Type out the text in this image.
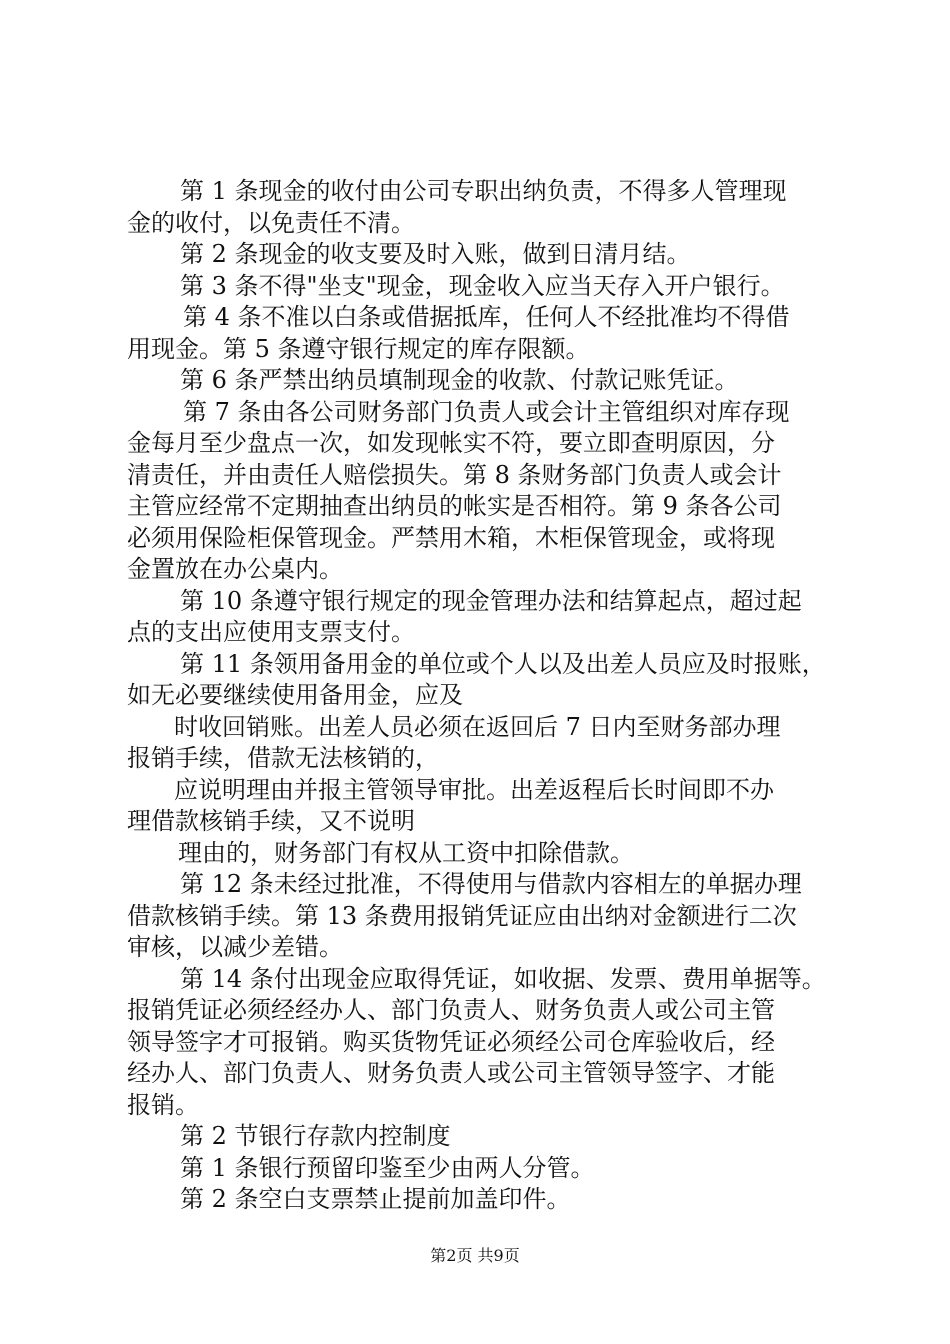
第 1 条现金的收付由公司专职出纳负责，不得多人管理现
金的收付，以免责任不清。
第 2 条现金的收支要及时入账，做到日清月结。
第 3 条不得"坐支"现金，现金收入应当天存入开户银行。
第 4 条不准以白条或借据抵库，任何人不经批准均不得借
用现金。第 5 条遵守银行规定的库存限额。
第 6 条严禁出纳员填制现金的收款、付款记账凭证。
第 7 条由各公司财务部门负责人或会计主管组织对库存现
金每月至少盘点一次，如发现帐实不符，要立即查明原因，分
清责任，并由责任人赔偿损失。第 8 条财务部门负责人或会计
主管应经常不定期抽查出纳员的帐实是否相符。第 9 条各公司
必须用保险柜保管现金。严禁用木箱，木柜保管现金，或将现
金置放在办公桌内。
第 10 条遵守银行规定的现金管理办法和结算起点，超过起
点的支出应使用支票支付。
第 11 条领用备用金的单位或个人以及出差人员应及时报账，
如无必要继续使用备用金，应及
时收回销账。出差人员必须在返回后 7 日内至财务部办理
报销手续，借款无法核销的，
应说明理由并报主管领导审批。出差返程后长时间即不办
理借款核销手续，又不说明
理由的，财务部门有权从工资中扣除借款。
第 12 条未经过批准，不得使用与借款内容相左的单据办理
借款核销手续。第 13 条费用报销凭证应由出纳对金额进行二次
审核，以减少差错。
第 14 条付出现金应取得凭证，如收据、发票、费用单据等。
报销凭证必须经经办人、部门负责人、财务负责人或公司主管
领导签字才可报销。购买货物凭证必须经公司仓库验收后，经
经办人、部门负责人、财务负责人或公司主管领导签字、才能
报销。
第 2 节银行存款内控制度
第 1 条银行预留印鉴至少由两人分管。
第 2 条空白支票禁止提前加盖印件。
第2页 共9页
